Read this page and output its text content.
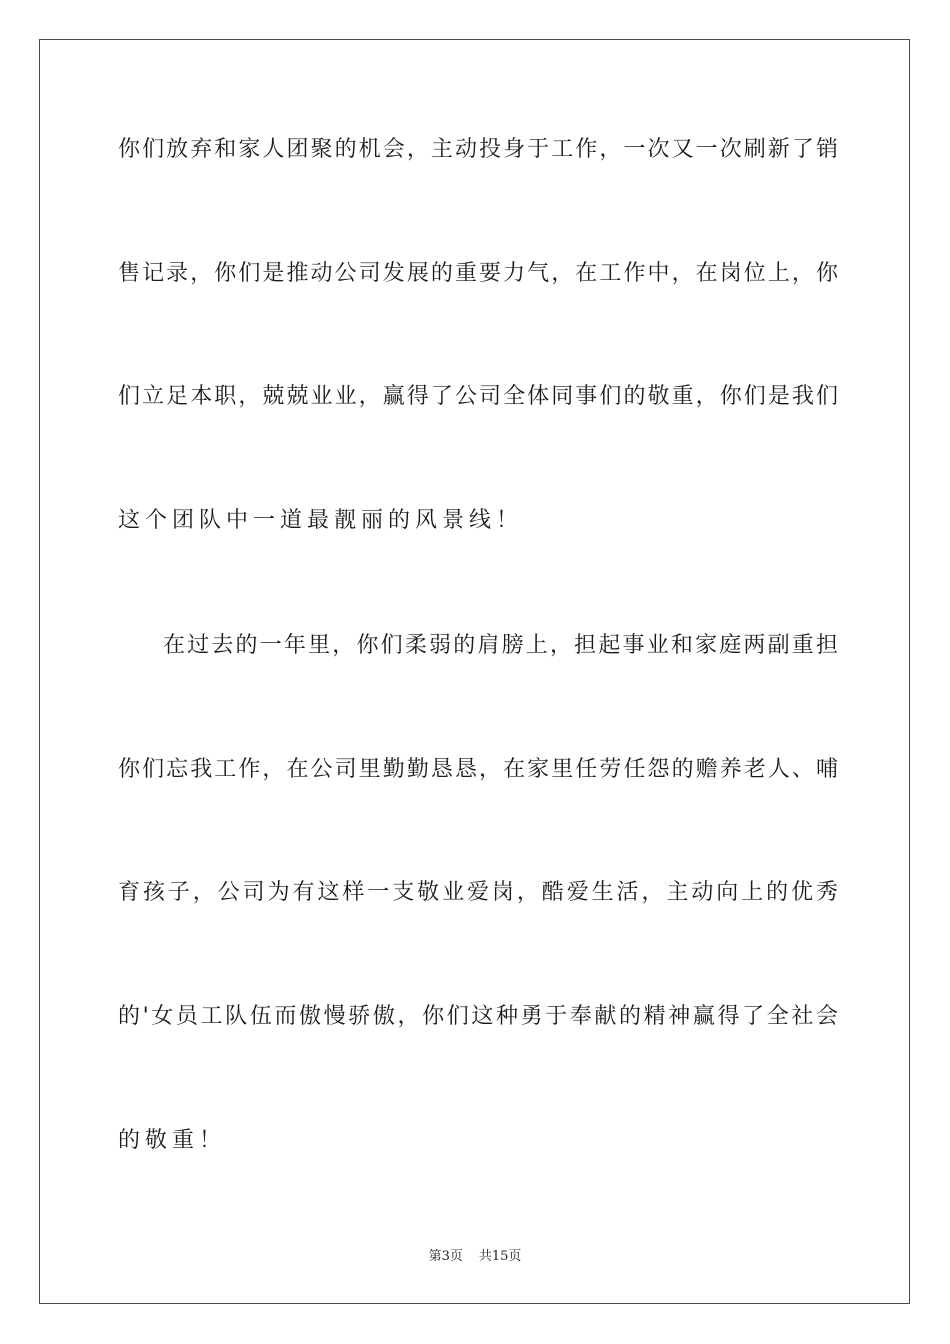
你们放弃和家人团聚的机会，主动投身于工作，一次又一次刷新了销
售记录，你们是推动公司发展的重要力气，在工作中，在岗位上，你
们立足本职，兢兢业业，赢得了公司全体同事们的敬重，你们是我们
这个团队中一道最靓丽的风景线！
在过去的一年里，你们柔弱的肩膀上，担起事业和家庭两副重担
你们忘我工作，在公司里勤勤恳恳，在家里任劳任怨的赡养老人、哺
育孩子，公司为有这样一支敬业爱岗，酷爱生活，主动向上的优秀
的'女员工队伍而傲慢骄傲，你们这种勇于奉献的精神赢得了全社会
的敬重！
第3页 共15页
